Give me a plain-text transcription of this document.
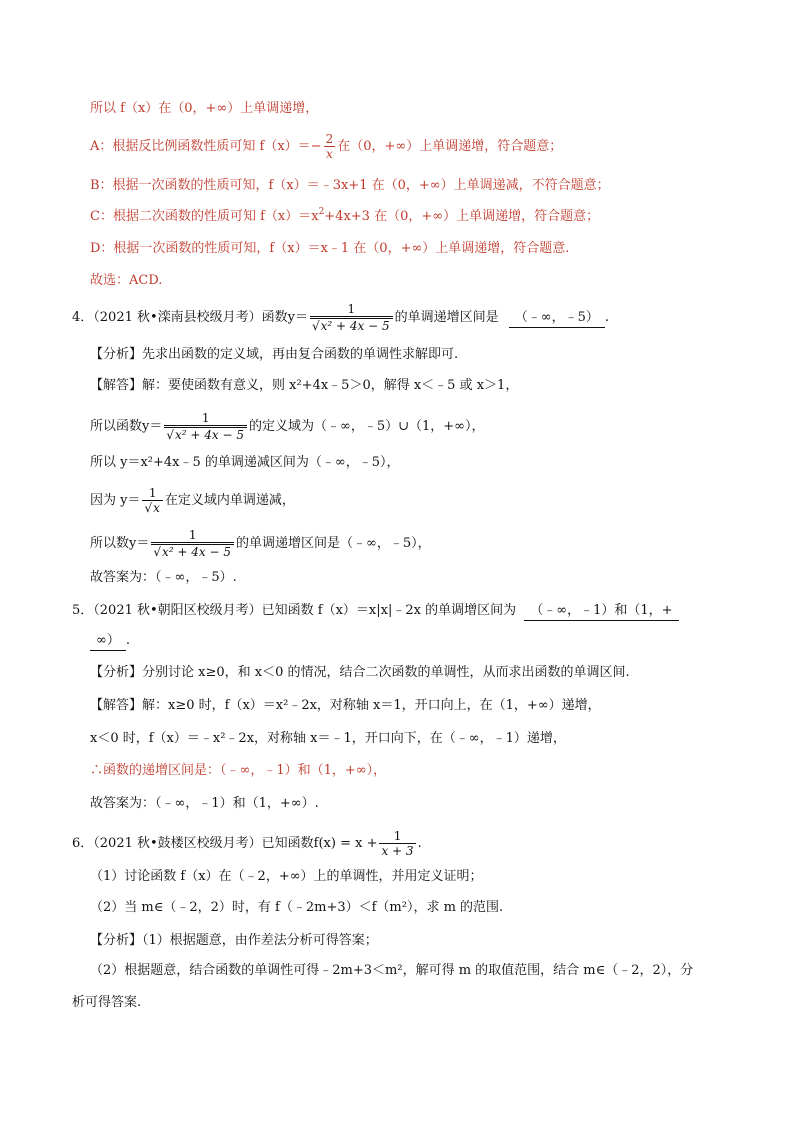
所以 f（x）在（0，+∞）上单调递增，
A：根据反比例函数性质可知 $f(x)=- \frac{2}{x}$ 在（0，+∞）上单调递增，符合题意；
B：根据一次函数的性质可知，f（x）＝﹣3x+1 在（0，+∞）上单调递减，不符合题意；
C：根据二次函数的性质可知 $f(x)=x^2+4x+3$ 在（0，+∞）上单调递增，符合题意；
D：根据一次函数的性质可知，f（x）＝x﹣1 在（0，+∞）上单调递增，符合题意.
故选：ACD.
4．（2021 秋•滦南县校级月考）函数$y= \frac{1}{\text{√x² + 4x − 5}}$ 的单调递增区间是 （﹣∞，﹣5） .
【分析】先求出函数的定义域，再由复合函数的单调性求解即可.
【解答】解：要使函数有意义，则 x²+4x﹣5＞0，解得 x＜﹣5 或 x＞1，
所以函数$y= \frac{1}{\text{√x² + 4x − 5}}$ 的定义域为（﹣∞，﹣5）∪（1，+∞），
所以 y＝x²+4x﹣5 的单调递减区间为（﹣∞，﹣5），
因为 $y= \frac{1}{√x}$ 在定义域内单调递减，
所以数$y= \frac{1}{\text{√x² + 4x − 5}}$ 的单调递增区间是（﹣∞，﹣5），
故答案为：（﹣∞，﹣5）.
5．（2021 秋•朝阳区校级月考）已知函数 f（x）＝x|x|﹣2x 的单调增区间为 （﹣∞，﹣1）和（1，+
∞） .
【分析】分别讨论 x≥0，和 x＜0 的情况，结合二次函数的单调性，从而求出函数的单调区间.
【解答】解：x≥0 时，f（x）＝x²﹣2x，对称轴 x＝1，开口向上，在（1，+∞）递增，
x＜0 时，f（x）＝﹣x²﹣2x，对称轴 x＝﹣1，开口向下，在（﹣∞，﹣1）递增，
∴函数的递增区间是：（﹣∞，﹣1）和（1，+∞），
故答案为：（﹣∞，﹣1）和（1，+∞）.
6．（2021 秋•鼓楼区校级月考）已知函数$f(x) = x + \frac{1}{x + 3}$ .
（1）讨论函数 f（x）在（﹣2，+∞）上的单调性，并用定义证明；
（2）当 m∈（﹣2，2）时，有 f（﹣2m+3）＜f（m²），求 m 的范围.
【分析】（1）根据题意，由作差法分析可得答案；
（2）根据题意，结合函数的单调性可得﹣2m+3＜m²，解可得 m 的取值范围，结合 m∈（﹣2，2），分
析可得答案.
